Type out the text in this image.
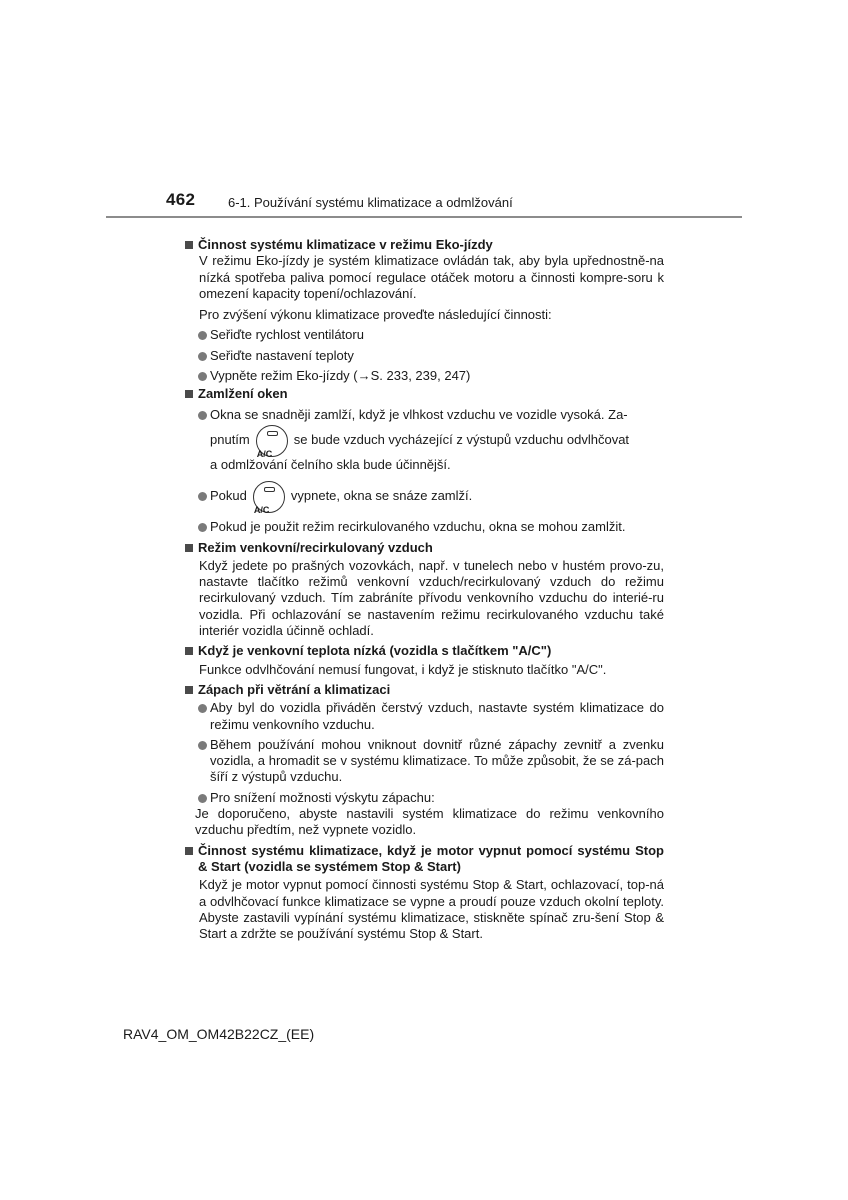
462	6-1. Používání systému klimatizace a odmlžování
Činnost systému klimatizace v režimu Eko-jízdy
V režimu Eko-jízdy je systém klimatizace ovládán tak, aby byla upřednostně-na nízká spotřeba paliva pomocí regulace otáček motoru a činnosti kompre-soru k omezení kapacity topení/ochlazování.
Pro zvýšení výkonu klimatizace proveďte následující činnosti:
Seřiďte rychlost ventilátoru
Seřiďte nastavení teploty
Vypněte režim Eko-jízdy (→S. 233, 239, 247)
Zamlžení oken
Okna se snadněji zamlží, když je vlhkost vzduchu ve vozidle vysoká. Za-
pnutím
A/C
se bude vzduch vycházející z výstupů vzduchu odvlhčovat
a odmlžování čelního skla bude účinnější.
Pokud
A/C
vypnete, okna se snáze zamlží.
Pokud je použit režim recirkulovaného vzduchu, okna se mohou zamlžit.
Režim venkovní/recirkulovaný vzduch
Když jedete po prašných vozovkách, např. v tunelech nebo v hustém provo-zu, nastavte tlačítko režimů venkovní vzduch/recirkulovaný vzduch do režimu recirkulovaný vzduch. Tím zabráníte přívodu venkovního vzduchu do interié-ru vozidla. Při ochlazování se nastavením režimu recirkulovaného vzduchu také interiér vozidla účinně ochladí.
Když je venkovní teplota nízká (vozidla s tlačítkem "A/C")
Funkce odvlhčování nemusí fungovat, i když je stisknuto tlačítko "A/C".
Zápach při větrání a klimatizaci
Aby byl do vozidla přiváděn čerstvý vzduch, nastavte systém klimatizace do režimu venkovního vzduchu.
Během používání mohou vniknout dovnitř různé zápachy zevnitř a zvenku vozidla, a hromadit se v systému klimatizace. To může způsobit, že se zá-pach šíří z výstupů vzduchu.
Pro snížení možnosti výskytu zápachu:
Je doporučeno, abyste nastavili systém klimatizace do režimu venkovního vzduchu předtím, než vypnete vozidlo.
Činnost systému klimatizace, když je motor vypnut pomocí systému Stop & Start (vozidla se systémem Stop & Start)
Když je motor vypnut pomocí činnosti systému Stop & Start, ochlazovací, top-ná a odvlhčovací funkce klimatizace se vypne a proudí pouze vzduch okolní teploty. Abyste zastavili vypínání systému klimatizace, stiskněte spínač zru-šení Stop & Start a zdržte se používání systému Stop & Start.
RAV4_OM_OM42B22CZ_(EE)
